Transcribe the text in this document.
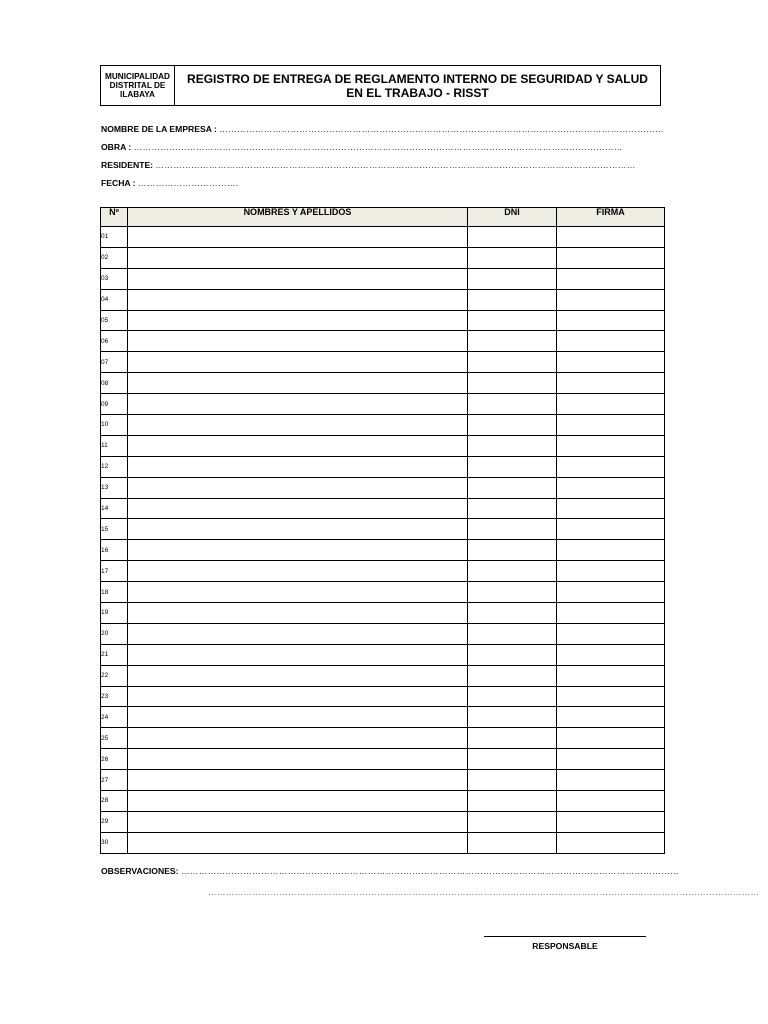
MUNICIPALIDAD DISTRITAL DE ILABAYA
REGISTRO DE ENTREGA DE REGLAMENTO INTERNO DE SEGURIDAD Y SALUD EN EL TRABAJO - RISST
NOMBRE DE LA EMPRESA : ……………………………………………………………………………………………………………………………………
OBRA : …………………………………………………………………………………………………………………………………………………
RESIDENTE: ………………………………………………………………………………………………………………………………………………
FECHA : …………………………….
Nº	NOMBRES Y APELLIDOS	DNI	FIRMA
01			
02			
03			
04			
05			
06			
07			
08			
09			
10			
11			
12			
13			
14			
15			
16			
17			
18			
19			
20			
21			
22			
23			
24			
25			
26			
27			
28			
29			
30			
OBSERVACIONES: ……………………………………………………………………………………………………………………………………………………
……………………………………………………………………………………………………………………………………………………………………
RESPONSABLE
